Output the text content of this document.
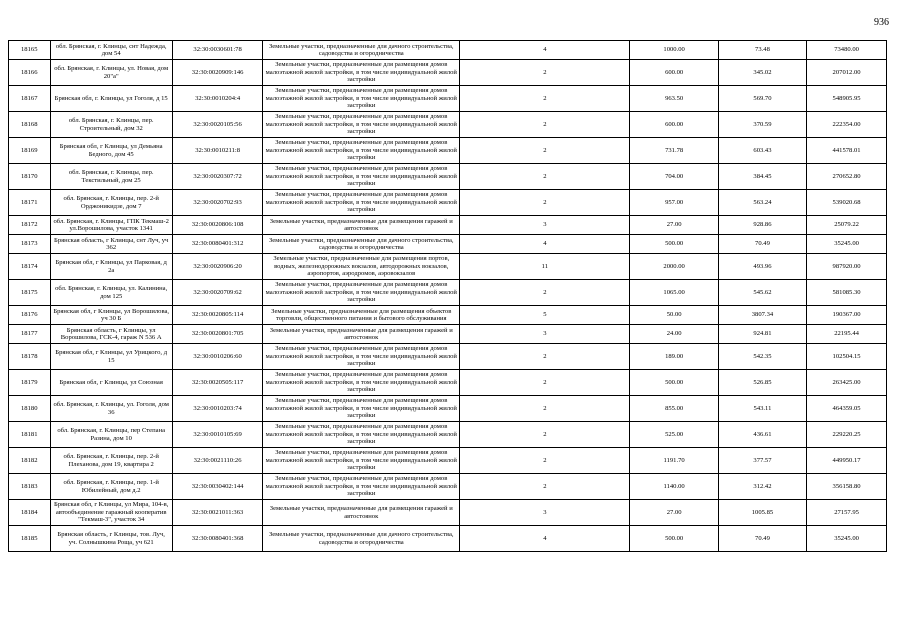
936
18165	обл. Брянская, г. Клинцы, снт Надежда, дом 54	32:30:0030601:78	Земельные участки, предназначенные для дачного строительства, садоводства и огородничества	4	1000.00	73.48	73480.00
18166	обл. Брянская, г. Клинцы, ул. Новая, дом 20"а"	32:30:0020909:146	Земельные участки, предназначенные для размещения домов малоэтажной жилой застройки, в том числе индивидуальной жилой застройки	2	600.00	345.02	207012.00
18167	Брянская обл, г. Клинцы, ул Гоголя, д 15	32:30:0010204:4	Земельные участки, предназначенные для размещения домов малоэтажной жилой застройки, в том числе индивидуальной жилой застройки	2	963.50	569.70	548905.95
18168	обл. Брянская, г. Клинцы, пер. Строительный, дом 32	32:30:0020105:56	Земельные участки, предназначенные для размещения домов малоэтажной жилой застройки, в том числе индивидуальной жилой застройки	2	600.00	370.59	222354.00
18169	Брянская обл, г Клинцы, ул Демьяна Бедного, дом 45	32:30:0010211:8	Земельные участки, предназначенные для размещения домов малоэтажной жилой застройки, в том числе индивидуальной жилой застройки	2	731.78	603.43	441578.01
18170	обл. Брянская, г. Клинцы, пер. Текстильный, дом 25	32:30:0020307:72	Земельные участки, предназначенные для размещения домов малоэтажной жилой застройки, в том числе индивидуальной жилой застройки	2	704.00	384.45	270652.80
18171	обл. Брянская, г. Клинцы, пер. 2-й Орджоникидзе, дом 7	32:30:0020702:93	Земельные участки, предназначенные для размещения домов малоэтажной жилой застройки, в том числе индивидуальной жилой застройки	2	957.00	563.24	539020.68
18172	обл. Брянская, г. Клинцы, ГПК Текмаш-2 ул.Ворошилова, участок 1341	32:30:0020806:108	Земельные участки, предназначенные для размещения гаражей и автостоянок	3	27.00	928.86	25079.22
18173	Брянская область, г Клинцы, снт Луч, уч 362	32:30:0080401:312	Земельные участки, предназначенные для дачного строительства, садоводства и огородничества	4	500.00	70.49	35245.00
18174	Брянская обл, г Клинцы, ул Парковая, д 2а	32:30:0020906:20	Земельные участки, предназначенные для размещения портов, водных, железнодорожных вокзалов, автодорожных вокзалов, аэропортов, аэродромов, аэровокзалов	11	2000.00	493.96	987920.00
18175	обл. Брянская, г. Клинцы, ул. Калинина, дом 125	32:30:0020709:62	Земельные участки, предназначенные для размещения домов малоэтажной жилой застройки, в том числе индивидуальной жилой застройки	2	1065.00	545.62	581085.30
18176	Брянская обл, г Клинцы, ул Ворошилова, уч 30 Б	32:30:0020805:114	Земельные участки, предназначенные для размещения объектов торговли, общественного питания и бытового обслуживания	5	50.00	3807.34	190367.00
18177	Брянская область, г Клинцы, ул Ворошилова, ГСК-4, гараж N 536 А	32:30:0020801:705	Земельные участки, предназначенные для размещения гаражей и автостоянок	3	24.00	924.81	22195.44
18178	Брянская обл, г Клинцы, ул Урицкого, д 15	32:30:0010206:60	Земельные участки, предназначенные для размещения домов малоэтажной жилой застройки, в том числе индивидуальной жилой застройки	2	189.00	542.35	102504.15
18179	Брянская обл, г Клинцы, ул Союзная	32:30:0020505:117	Земельные участки, предназначенные для размещения домов малоэтажной жилой застройки, в том числе индивидуальной жилой застройки	2	500.00	526.85	263425.00
18180	обл. Брянская, г. Клинцы, ул. Гоголя, дом 36	32:30:0010203:74	Земельные участки, предназначенные для размещения домов малоэтажной жилой застройки, в том числе индивидуальной жилой застройки	2	855.00	543.11	464359.05
18181	обл. Брянская, г. Клинцы, пер Степана Разина, дом 10	32:30:0010105:69	Земельные участки, предназначенные для размещения домов малоэтажной жилой застройки, в том числе индивидуальной жилой застройки	2	525.00	436.61	229220.25
18182	обл. Брянская, г. Клинцы, пер. 2-й Плеханова, дом 19, квартира 2	32:30:0021110:26	Земельные участки, предназначенные для размещения домов малоэтажной жилой застройки, в том числе индивидуальной жилой застройки	2	1191.70	377.57	449950.17
18183	обл. Брянская, г. Клинцы, пер. 1-й Юбилейный, дом д.2	32:30:0030402:144	Земельные участки, предназначенные для размещения домов малоэтажной жилой застройки, в том числе индивидуальной жилой застройки	2	1140.00	312.42	356158.80
18184	Брянская обл, г Клинцы, ул Мира, 104-в, автообъединение гаражный кооператив "Текмаш-3", участок 34	32:30:0021011:363	Земельные участки, предназначенные для размещения гаражей и автостоянок	3	27.00	1005.85	27157.95
18185	Брянская область, г Клинцы, тов. Луч, уч. Солнышкина Роща, уч 621	32:30:0080401:368	Земельные участки, предназначенные для дачного строительства, садоводства и огородничества	4	500.00	70.49	35245.00
